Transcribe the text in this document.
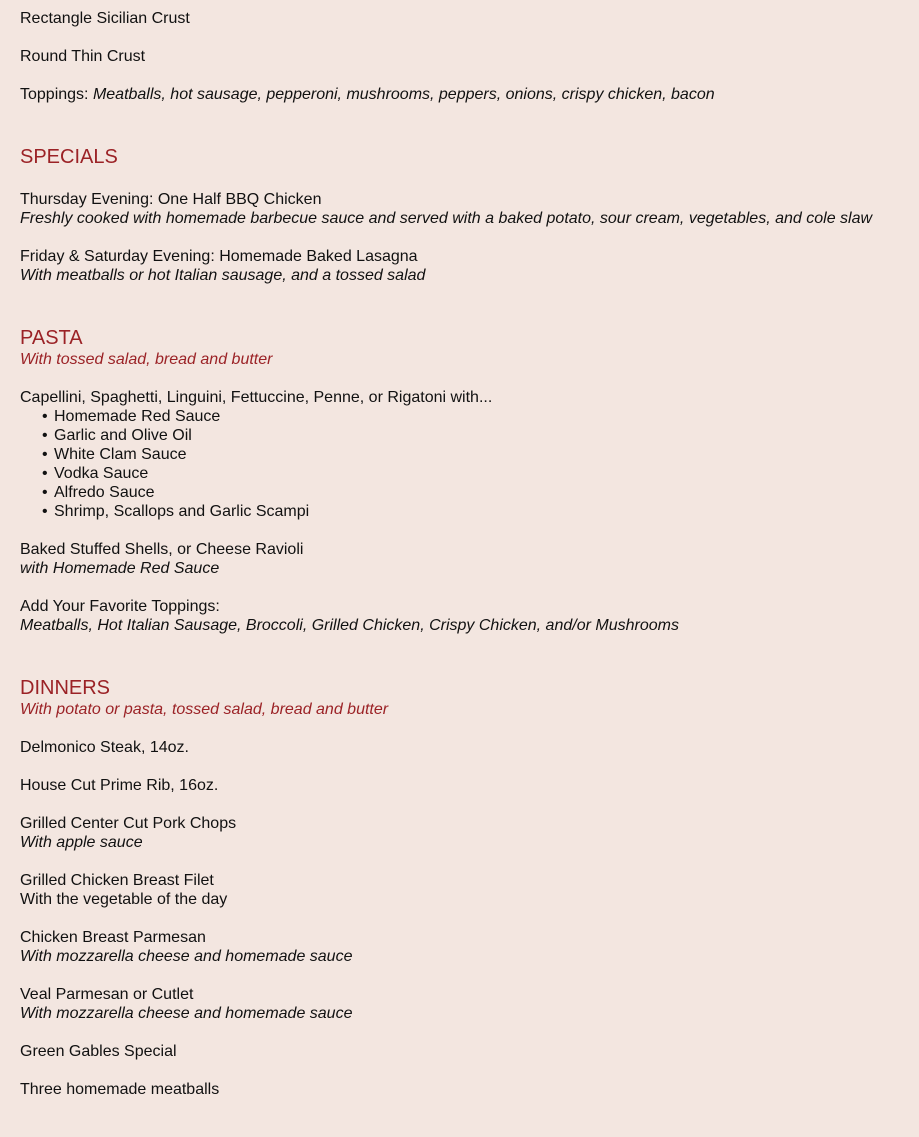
Rectangle Sicilian Crust
Round Thin Crust
Toppings: Meatballs, hot sausage, pepperoni, mushrooms, peppers, onions, crispy chicken, bacon
SPECIALS
Thursday Evening: One Half BBQ Chicken
Freshly cooked with homemade barbecue sauce and served with a baked potato, sour cream, vegetables, and cole slaw
Friday & Saturday Evening: Homemade Baked Lasagna
With meatballs or hot Italian sausage, and a tossed salad
PASTA
With tossed salad, bread and butter
Capellini, Spaghetti, Linguini, Fettuccine, Penne, or Rigatoni with...
• Homemade Red Sauce
• Garlic and Olive Oil
• White Clam Sauce
• Vodka Sauce
• Alfredo Sauce
• Shrimp, Scallops and Garlic Scampi
Baked Stuffed Shells, or Cheese Ravioli
with Homemade Red Sauce
Add Your Favorite Toppings:
Meatballs, Hot Italian Sausage, Broccoli, Grilled Chicken, Crispy Chicken, and/or Mushrooms
DINNERS
With potato or pasta, tossed salad, bread and butter
Delmonico Steak, 14oz.
House Cut Prime Rib, 16oz.
Grilled Center Cut Pork Chops
With apple sauce
Grilled Chicken Breast Filet
With the vegetable of the day
Chicken Breast Parmesan
With mozzarella cheese and homemade sauce
Veal Parmesan or Cutlet
With mozzarella cheese and homemade sauce
Green Gables Special
Three homemade meatballs
